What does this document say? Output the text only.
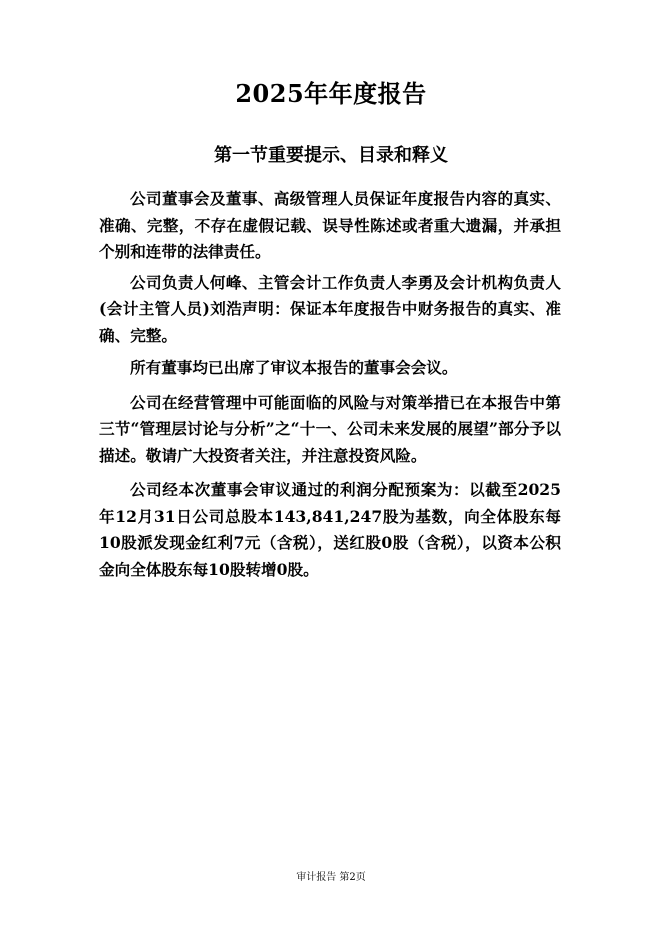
2025年年度报告
第一节重要提示、目录和释义

公司董事会及董事、高级管理人员保证年度报告内容的真实、准确、完整，不存在虚假记载、误导性陈述或者重大遗漏，并承担个别和连带的法律责任。

公司负责人何峰、主管会计工作负责人李勇及会计机构负责人(会计主管人员)刘浩声明：保证本年度报告中财务报告的真实、准确、完整。

所有董事均已出席了审议本报告的董事会会议。

公司在经营管理中可能面临的风险与对策举措已在本报告中第三节“管理层讨论与分析”之“十一、公司未来发展的展望”部分予以描述。敬请广大投资者关注，并注意投资风险。

公司经本次董事会审议通过的利润分配预案为：以截至2025年12月31日公司总股本143,841,247股为基数，向全体股东每10股派发现金红利7元（含税），送红股0股（含税），以资本公积金向全体股东每10股转增0股。

审计报告 第2页
